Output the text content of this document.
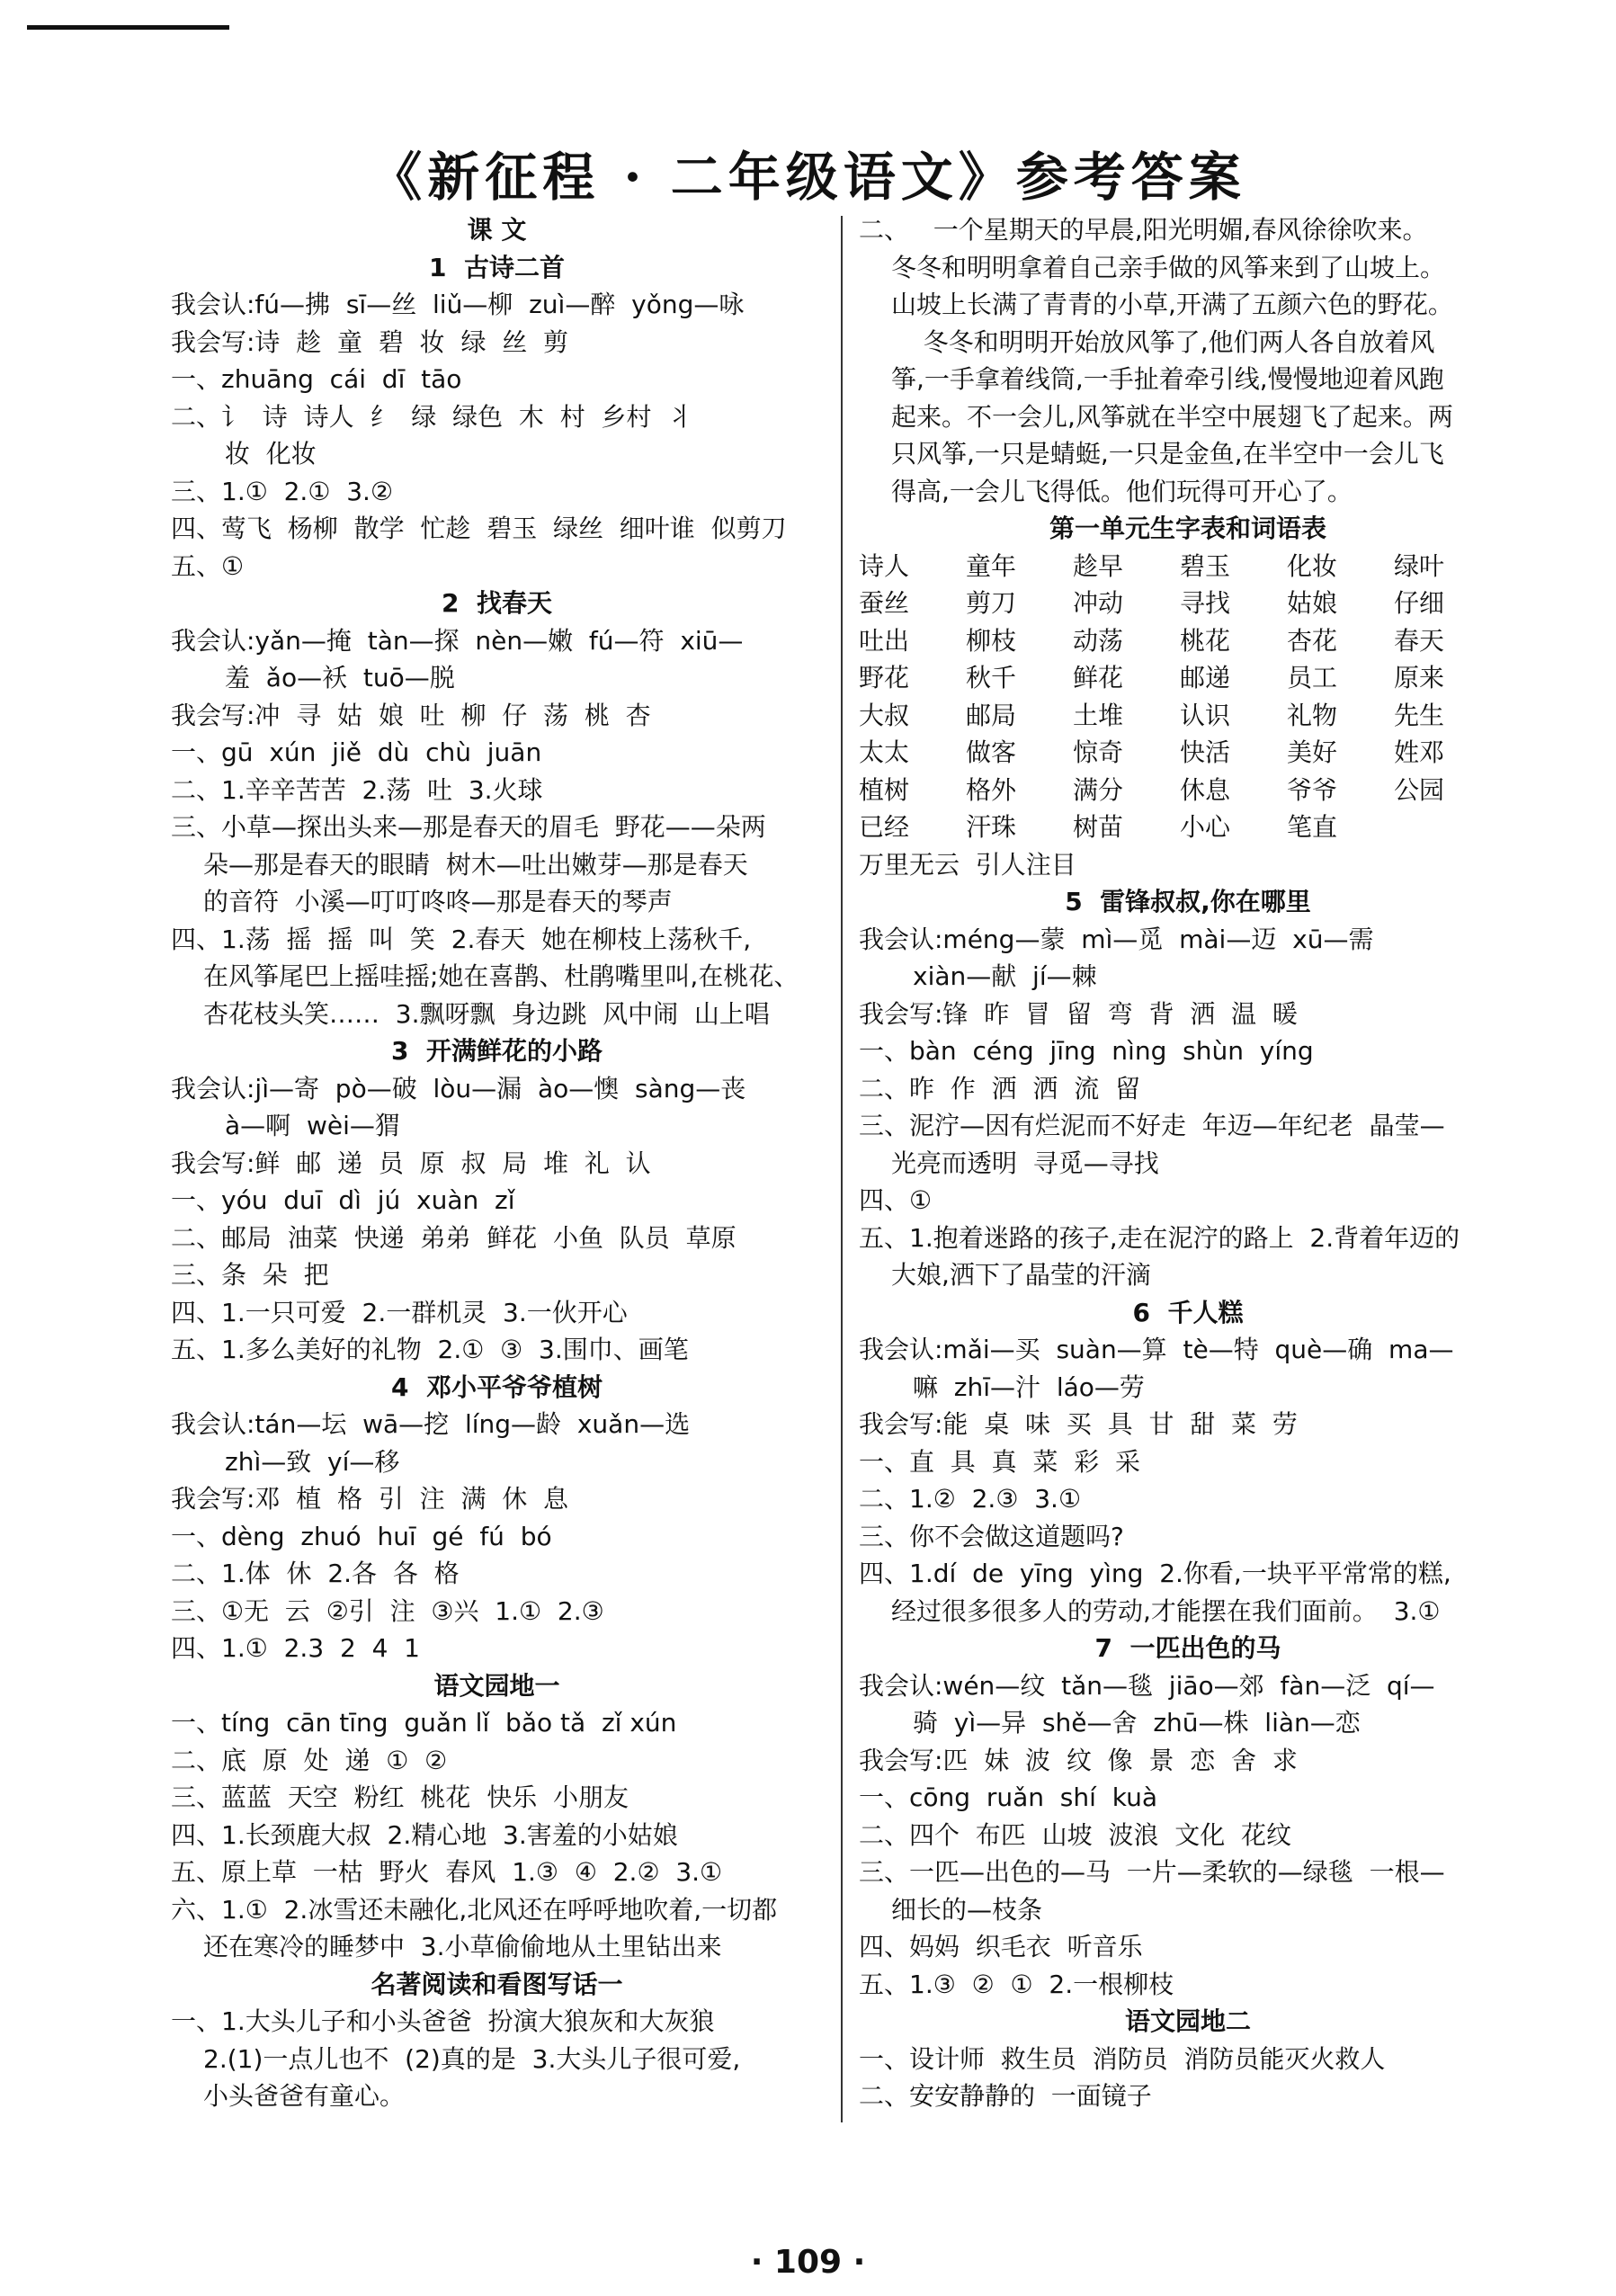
《新征程 · 二年级语文》参考答案
课 文
1  古诗二首
我会认:fú—拂  sī—丝  liǔ—柳  zuì—醉  yǒng—咏
我会写:诗  趁  童  碧  妆  绿  丝  剪
一、zhuāng  cái  dī  tāo
二、讠  诗  诗人  纟  绿  绿色  木  村  乡村  丬
妆  化妆
三、1.①  2.①  3.②
四、莺飞  杨柳  散学  忙趁  碧玉  绿丝  细叶谁  似剪刀
五、①
2  找春天
我会认:yǎn—掩  tàn—探  nèn—嫩  fú—符  xiū—
羞  ǎo—袄  tuō—脱
我会写:冲  寻  姑  娘  吐  柳  仔  荡  桃  杏
一、gū  xún  jiě  dù  chù  juān
二、1.辛辛苦苦  2.荡  吐  3.火球
三、小草—探出头来—那是春天的眉毛  野花——朵两
朵—那是春天的眼睛  树木—吐出嫩芽—那是春天
的音符  小溪—叮叮咚咚—那是春天的琴声
四、1.荡  摇  摇  叫  笑  2.春天  她在柳枝上荡秋千,
在风筝尾巴上摇哇摇;她在喜鹊、杜鹃嘴里叫,在桃花、
杏花枝头笑……  3.飘呀飘  身边跳  风中闹  山上唱
3  开满鲜花的小路
我会认:jì—寄  pò—破  lòu—漏  ào—懊  sàng—丧
à—啊  wèi—猬
我会写:鲜  邮  递  员  原  叔  局  堆  礼  认
一、yóu  duī  dì  jú  xuàn  zǐ
二、邮局  油菜  快递  弟弟  鲜花  小鱼  队员  草原
三、条  朵  把
四、1.一只可爱  2.一群机灵  3.一伙开心
五、1.多么美好的礼物  2.①  ③  3.围巾、画笔
4  邓小平爷爷植树
我会认:tán—坛  wā—挖  líng—龄  xuǎn—选
zhì—致  yí—移
我会写:邓  植  格  引  注  满  休  息
一、dèng  zhuó  huī  gé  fú  bó
二、1.体  休  2.各  各  格
三、①无  云  ②引  注  ③兴  1.①  2.③
四、1.①  2.3  2  4  1
语文园地一
一、tíng  cān tīng  guǎn lǐ  bǎo tǎ  zǐ xún
二、底  原  处  递  ①  ②
三、蓝蓝  天空  粉红  桃花  快乐  小朋友
四、1.长颈鹿大叔  2.精心地  3.害羞的小姑娘
五、原上草  一枯  野火  春风  1.③  ④  2.②  3.①
六、1.①  2.冰雪还未融化,北风还在呼呼地吹着,一切都
还在寒冷的睡梦中  3.小草偷偷地从土里钻出来
名著阅读和看图写话一
一、1.大头儿子和小头爸爸  扮演大狼灰和大灰狼
2.(1)一点儿也不  (2)真的是  3.大头儿子很可爱,
小头爸爸有童心。
二、   一个星期天的早晨,阳光明媚,春风徐徐吹来。
冬冬和明明拿着自己亲手做的风筝来到了山坡上。
山坡上长满了青青的小草,开满了五颜六色的野花。
冬冬和明明开始放风筝了,他们两人各自放着风
筝,一手拿着线筒,一手扯着牵引线,慢慢地迎着风跑
起来。不一会儿,风筝就在半空中展翅飞了起来。两
只风筝,一只是蜻蜓,一只是金鱼,在半空中一会儿飞
得高,一会儿飞得低。他们玩得可开心了。
第一单元生字表和词语表
诗人	童年	趁早	碧玉	化妆	绿叶
蚕丝	剪刀	冲动	寻找	姑娘	仔细
吐出	柳枝	动荡	桃花	杏花	春天
野花	秋千	鲜花	邮递	员工	原来
大叔	邮局	土堆	认识	礼物	先生
太太	做客	惊奇	快活	美好	姓邓
植树	格外	满分	休息	爷爷	公园
已经	汗珠	树苗	小心	笔直
万里无云  引人注目
5  雷锋叔叔,你在哪里
我会认:méng—蒙  mì—觅  mài—迈  xū—需
xiàn—献  jí—棘
我会写:锋  昨  冒  留  弯  背  洒  温  暖
一、bàn  céng  jīng  nìng  shùn  yíng
二、昨  作  洒  洒  流  留
三、泥泞—因有烂泥而不好走  年迈—年纪老  晶莹—
光亮而透明  寻觅—寻找
四、①
五、1.抱着迷路的孩子,走在泥泞的路上  2.背着年迈的
大娘,洒下了晶莹的汗滴
6  千人糕
我会认:mǎi—买  suàn—算  tè—特  què—确  ma—
嘛  zhī—汁  láo—劳
我会写:能  桌  味  买  具  甘  甜  菜  劳
一、直  具  真  菜  彩  采
二、1.②  2.③  3.①
三、你不会做这道题吗?
四、1.dí  de  yīng  yìng  2.你看,一块平平常常的糕,
经过很多很多人的劳动,才能摆在我们面前。  3.①
7  一匹出色的马
我会认:wén—纹  tǎn—毯  jiāo—郊  fàn—泛  qí—
骑  yì—异  shě—舍  zhū—株  liàn—恋
我会写:匹  妹  波  纹  像  景  恋  舍  求
一、cōng  ruǎn  shí  kuà
二、四个  布匹  山坡  波浪  文化  花纹
三、一匹—出色的—马  一片—柔软的—绿毯  一根—
细长的—枝条
四、妈妈  织毛衣  听音乐
五、1.③  ②  ①  2.一根柳枝
语文园地二
一、设计师  救生员  消防员  消防员能灭火救人
二、安安静静的  一面镜子
· 109 ·
